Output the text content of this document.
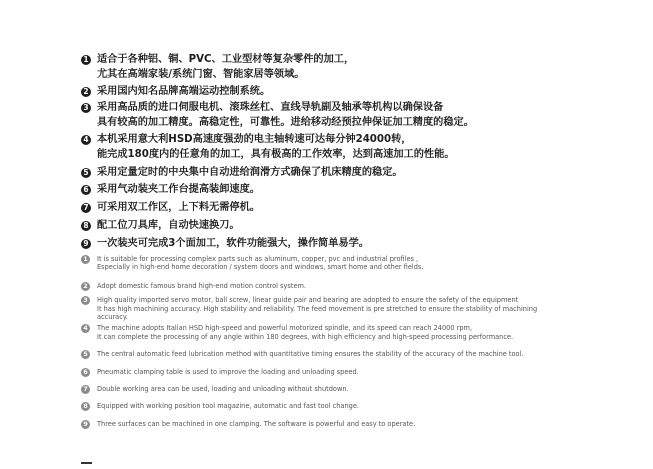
1 适合于各种铝、铜、PVC、工业型材等复杂零件的加工，
尤其在高端家装/系统门窗、智能家居等领域。
2 采用国内知名品牌高端运动控制系统。
3 采用高品质的进口伺服电机、滚珠丝杠、直线导轨副及轴承等机构以确保设备
具有较高的加工精度。高稳定性，可靠性。进给移动经预拉伸保证加工精度的稳定。
4 本机采用意大利HSD高速度强劲的电主轴转速可达每分钟24000转，
能完成180度内的任意角的加工，具有极高的工作效率，达到高速加工的性能。
5 采用定量定时的中央集中自动进给润滑方式确保了机床精度的稳定。
6 采用气动装夹工作台提高装卸速度。
7 可采用双工作区，上下料无需停机。
8 配工位刀具库，自动快速换刀。
9 一次装夹可完成3个面加工，软件功能强大，操作简单易学。
1	It is suitable for processing complex parts such as aluminum, copper, pvc and industrial profiles ,
Especially in high-end home decoration / system doors and windows, smart home and other fields.
2	Adopt domestic famous brand high-end motion control system.
3	High quality imported servo motor, ball screw, linear guide pair and bearing are adopted to ensure the safety of the equipment
It has high machining accuracy. High stability and reliability. The feed movement is pre stretched to ensure the stability of machining
accuracy.
4	The machine adopts Italian HSD high-speed and powerful motorized spindle, and its speed can reach 24000 rpm,
It can complete the processing of any angle within 180 degrees, with high efficiency and high-speed processing performance.
5	The central automatic feed lubrication method with quantitative timing ensures the stability of the accuracy of the machine tool.
6	Pneumatic clamping table is used to improve the loading and unloading speed.
7	Double working area can be used, loading and unloading without shutdown.
8	Equipped with working position tool magazine, automatic and fast tool change.
9	Three surfaces can be machined in one clamping. The software is powerful and easy to operate.
